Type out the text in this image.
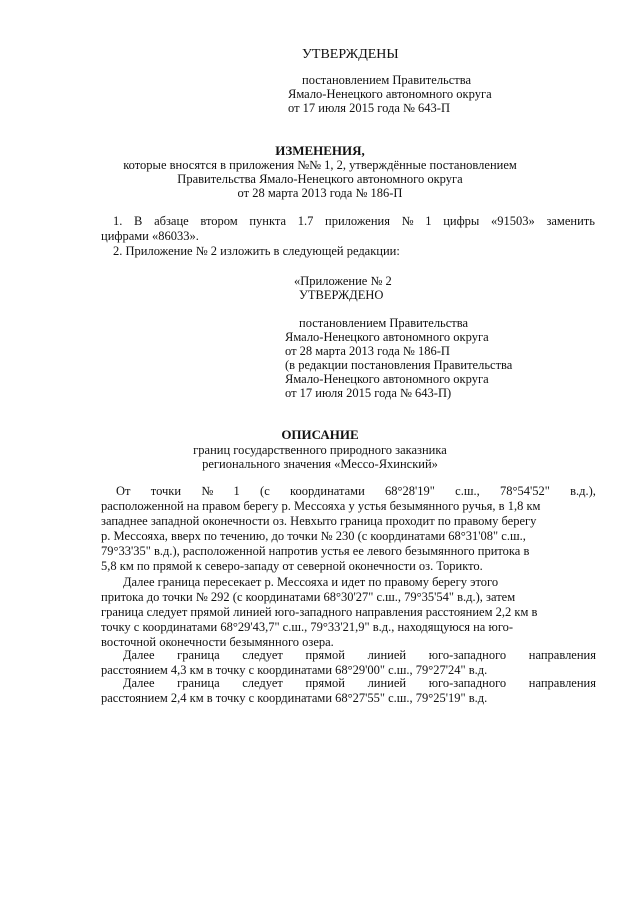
УТВЕРЖДЕНЫ
постановлением Правительства
Ямало-Ненецкого автономного округа
от 17 июля 2015 года № 643-П
ИЗМЕНЕНИЯ,
которые вносятся в приложения №№ 1, 2, утверждённые постановлением
Правительства Ямало-Ненецкого автономного округа
от 28 марта 2013 года № 186-П
1. В абзаце втором пункта 1.7 приложения № 1 цифры «91503» заменить
цифрами «86033».
2. Приложение № 2 изложить в следующей редакции:
«Приложение № 2
УТВЕРЖДЕНО
постановлением Правительства
Ямало-Ненецкого автономного округа
от 28 марта 2013 года № 186-П
(в редакции постановления Правительства
Ямало-Ненецкого автономного округа
от 17 июля 2015 года № 643-П)
ОПИСАНИЕ
границ государственного природного заказника
регионального значения «Мессо-Яхинский»
От точки № 1 (с координатами 68°28'19" с.ш., 78°54'52" в.д.),
расположенной на правом берегу р. Мессояха у устья безымянного ручья, в 1,8 км
западнее западной оконечности оз. Невхыто граница проходит по правому берегу
р. Мессояха, вверх по течению, до точки № 230 (с координатами 68°31'08" с.ш.,
79°33'35" в.д.), расположенной напротив устья ее левого безымянного притока в
5,8 км по прямой к северо-западу от северной оконечности оз. Торикто.
Далее граница пересекает р. Мессояха и идет по правому берегу этого
притока до точки № 292 (с координатами 68°30'27" с.ш., 79°35'54" в.д.), затем
граница следует прямой линией юго-западного направления расстоянием 2,2 км в
точку с координатами 68°29'43,7" с.ш., 79°33'21,9" в.д., находящуюся на юго-
восточной оконечности безымянного озера.
Далее граница следует прямой линией юго-западного направления
расстоянием 4,3 км в точку с координатами 68°29'00" с.ш., 79°27'24" в.д.
Далее граница следует прямой линией юго-западного направления
расстоянием 2,4 км в точку с координатами 68°27'55" с.ш., 79°25'19" в.д.
